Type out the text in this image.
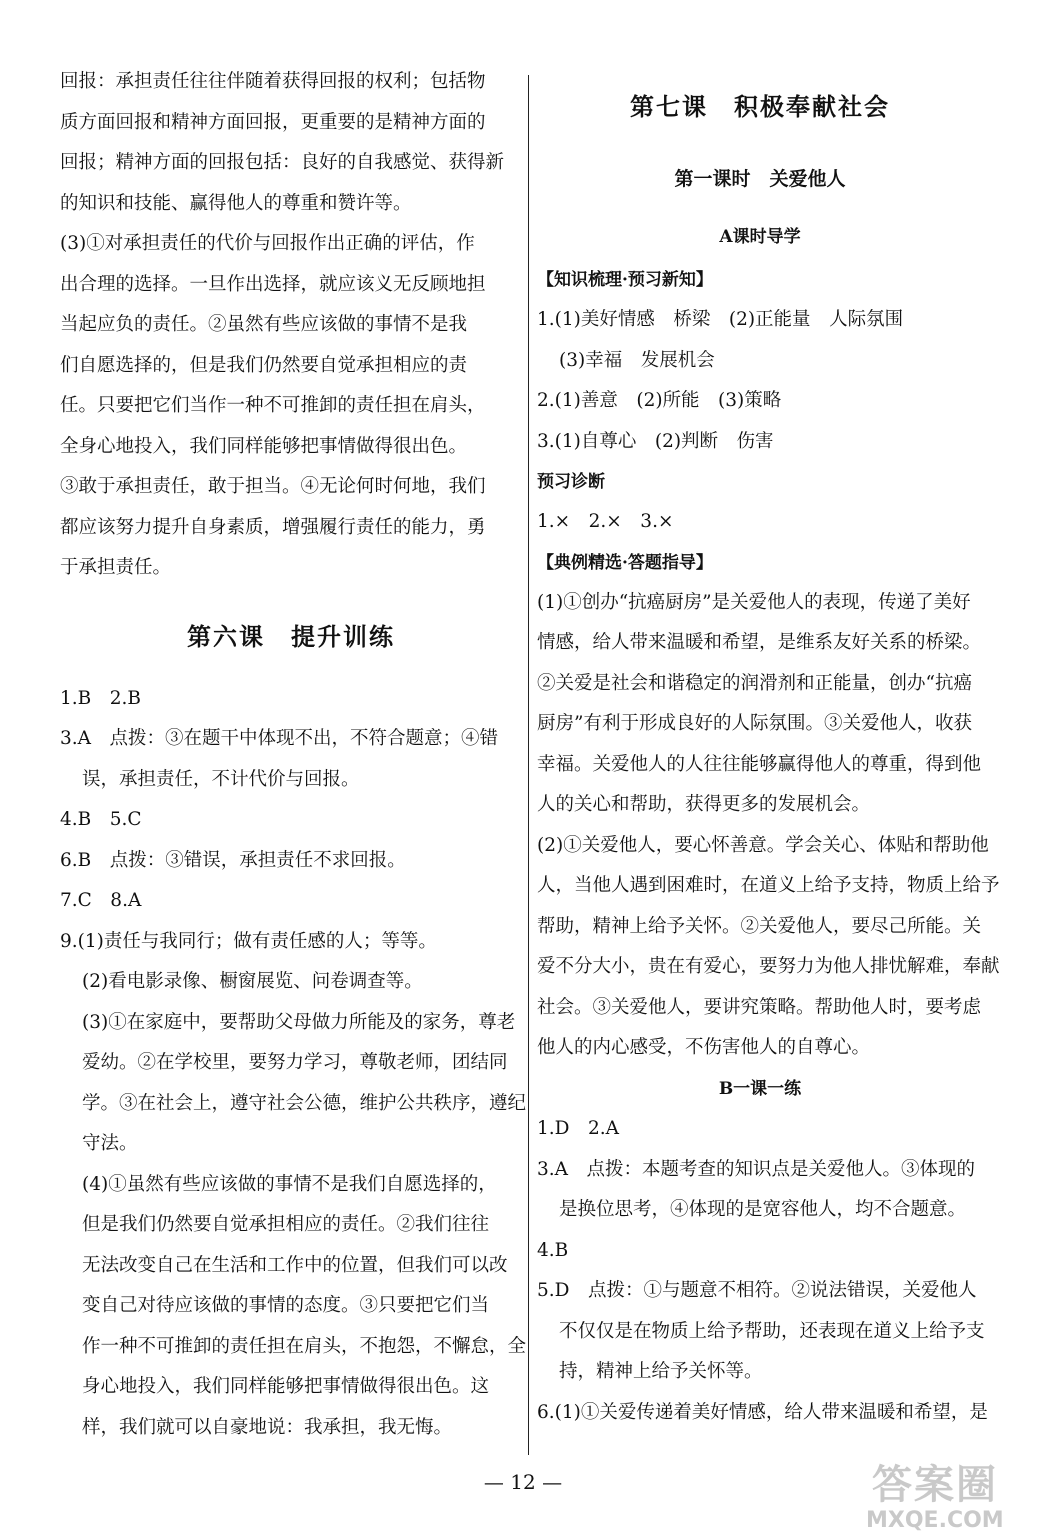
回报：承担责任往往伴随着获得回报的权利；包括物
质方面回报和精神方面回报，更重要的是精神方面的
回报；精神方面的回报包括：良好的自我感觉、获得新
的知识和技能、赢得他人的尊重和赞许等。
(3)①对承担责任的代价与回报作出正确的评估，作
出合理的选择。一旦作出选择，就应该义无反顾地担
当起应负的责任。②虽然有些应该做的事情不是我
们自愿选择的，但是我们仍然要自觉承担相应的责
任。只要把它们当作一种不可推卸的责任担在肩头，
全身心地投入，我们同样能够把事情做得很出色。
③敢于承担责任，敢于担当。④无论何时何地，我们
都应该努力提升自身素质，增强履行责任的能力，勇
于承担责任。
第六课　提升训练
1.B　2.B
3.A　点拨：③在题干中体现不出，不符合题意；④错
误，承担责任，不计代价与回报。
4.B　5.C
6.B　点拨：③错误，承担责任不求回报。
7.C　8.A
9.(1)责任与我同行；做有责任感的人；等等。
(2)看电影录像、橱窗展览、问卷调查等。
(3)①在家庭中，要帮助父母做力所能及的家务，尊老
爱幼。②在学校里，要努力学习，尊敬老师，团结同
学。③在社会上，遵守社会公德，维护公共秩序，遵纪
守法。
(4)①虽然有些应该做的事情不是我们自愿选择的，
但是我们仍然要自觉承担相应的责任。②我们往往
无法改变自己在生活和工作中的位置，但我们可以改
变自己对待应该做的事情的态度。③只要把它们当
作一种不可推卸的责任担在肩头，不抱怨，不懈怠，全
身心地投入，我们同样能够把事情做得很出色。这
样，我们就可以自豪地说：我承担，我无悔。
第七课　积极奉献社会
第一课时　关爱他人
A课时导学
【知识梳理·预习新知】
1.(1)美好情感　桥梁　(2)正能量　人际氛围
(3)幸福　发展机会
2.(1)善意　(2)所能　(3)策略
3.(1)自尊心　(2)判断　伤害
预习诊断
1.×　2.×　3.×
【典例精选·答题指导】
(1)①创办“抗癌厨房”是关爱他人的表现，传递了美好
情感，给人带来温暖和希望，是维系友好关系的桥梁。
②关爱是社会和谐稳定的润滑剂和正能量，创办“抗癌
厨房”有利于形成良好的人际氛围。③关爱他人，收获
幸福。关爱他人的人往往能够赢得他人的尊重，得到他
人的关心和帮助，获得更多的发展机会。
(2)①关爱他人，要心怀善意。学会关心、体贴和帮助他
人，当他人遇到困难时，在道义上给予支持，物质上给予
帮助，精神上给予关怀。②关爱他人，要尽己所能。关
爱不分大小，贵在有爱心，要努力为他人排忧解难，奉献
社会。③关爱他人，要讲究策略。帮助他人时，要考虑
他人的内心感受，不伤害他人的自尊心。
B一课一练
1.D　2.A
3.A　点拨：本题考查的知识点是关爱他人。③体现的
是换位思考，④体现的是宽容他人，均不合题意。
4.B
5.D　点拨：①与题意不相符。②说法错误，关爱他人
不仅仅是在物质上给予帮助，还表现在道义上给予支
持，精神上给予关怀等。
6.(1)①关爱传递着美好情感，给人带来温暖和希望，是
— 12 —	答案圈
MXQE.COM
